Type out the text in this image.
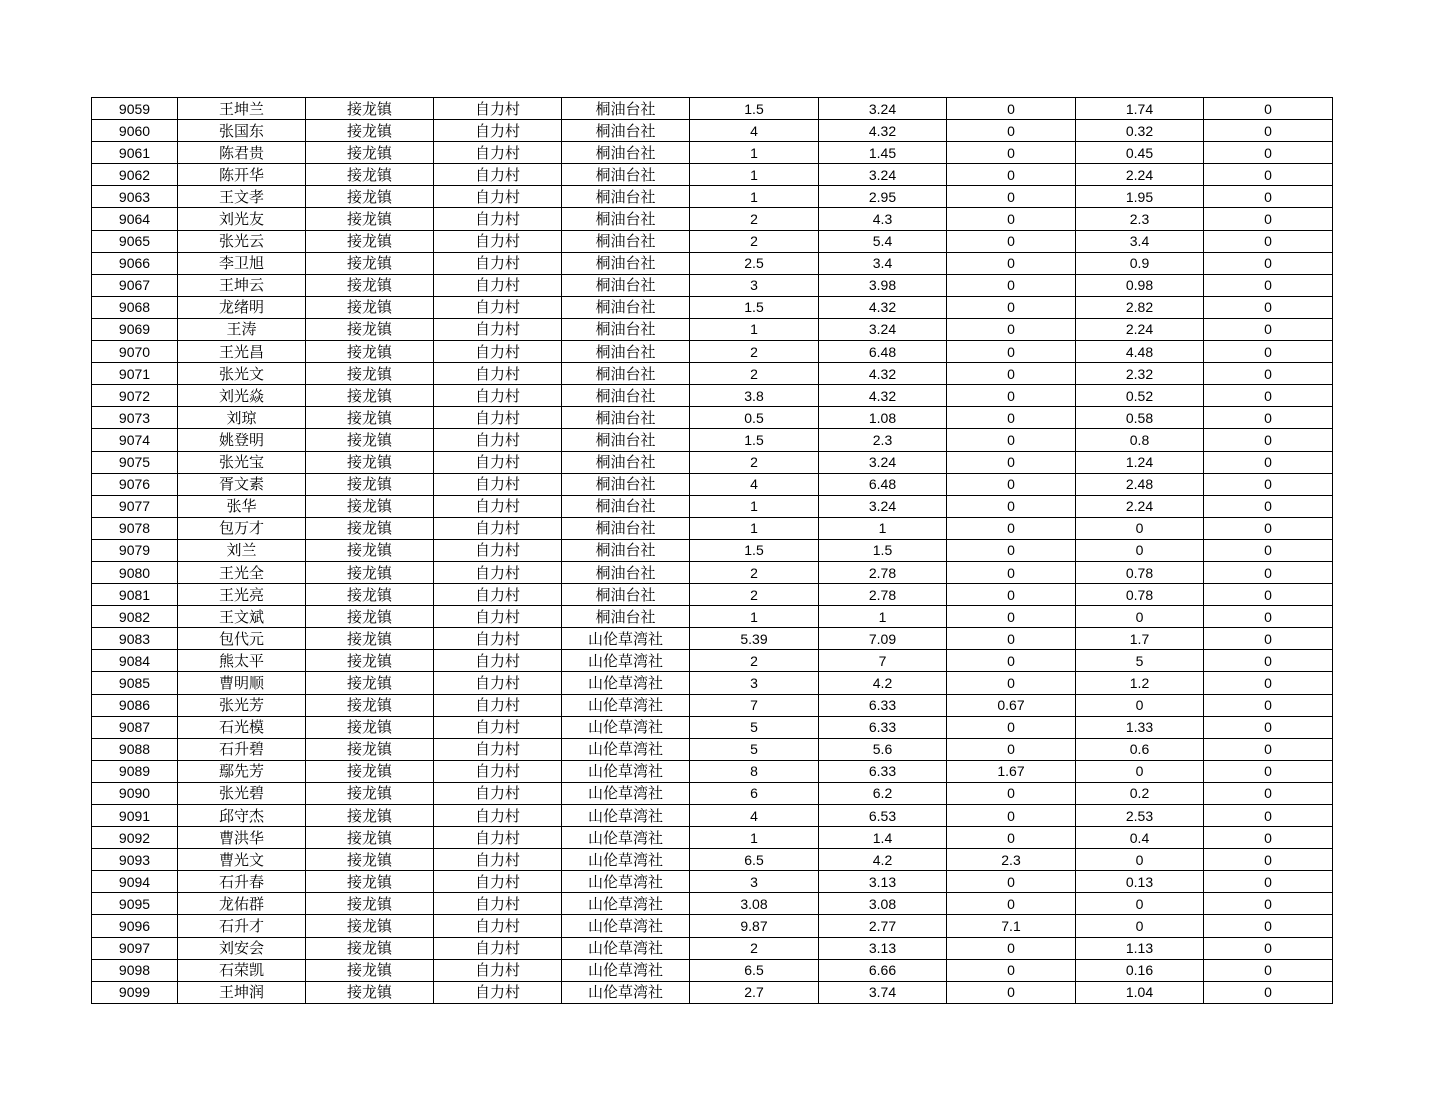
9059	王坤兰	接龙镇	自力村	桐油台社	1.5	3.24	0	1.74	0
9060	张国东	接龙镇	自力村	桐油台社	4	4.32	0	0.32	0
9061	陈君贵	接龙镇	自力村	桐油台社	1	1.45	0	0.45	0
9062	陈开华	接龙镇	自力村	桐油台社	1	3.24	0	2.24	0
9063	王文孝	接龙镇	自力村	桐油台社	1	2.95	0	1.95	0
9064	刘光友	接龙镇	自力村	桐油台社	2	4.3	0	2.3	0
9065	张光云	接龙镇	自力村	桐油台社	2	5.4	0	3.4	0
9066	李卫旭	接龙镇	自力村	桐油台社	2.5	3.4	0	0.9	0
9067	王坤云	接龙镇	自力村	桐油台社	3	3.98	0	0.98	0
9068	龙绪明	接龙镇	自力村	桐油台社	1.5	4.32	0	2.82	0
9069	王涛	接龙镇	自力村	桐油台社	1	3.24	0	2.24	0
9070	王光昌	接龙镇	自力村	桐油台社	2	6.48	0	4.48	0
9071	张光文	接龙镇	自力村	桐油台社	2	4.32	0	2.32	0
9072	刘光焱	接龙镇	自力村	桐油台社	3.8	4.32	0	0.52	0
9073	刘琼	接龙镇	自力村	桐油台社	0.5	1.08	0	0.58	0
9074	姚登明	接龙镇	自力村	桐油台社	1.5	2.3	0	0.8	0
9075	张光宝	接龙镇	自力村	桐油台社	2	3.24	0	1.24	0
9076	胥文素	接龙镇	自力村	桐油台社	4	6.48	0	2.48	0
9077	张华	接龙镇	自力村	桐油台社	1	3.24	0	2.24	0
9078	包万才	接龙镇	自力村	桐油台社	1	1	0	0	0
9079	刘兰	接龙镇	自力村	桐油台社	1.5	1.5	0	0	0
9080	王光全	接龙镇	自力村	桐油台社	2	2.78	0	0.78	0
9081	王光亮	接龙镇	自力村	桐油台社	2	2.78	0	0.78	0
9082	王文斌	接龙镇	自力村	桐油台社	1	1	0	0	0
9083	包代元	接龙镇	自力村	山伦草湾社	5.39	7.09	0	1.7	0
9084	熊太平	接龙镇	自力村	山伦草湾社	2	7	0	5	0
9085	曹明顺	接龙镇	自力村	山伦草湾社	3	4.2	0	1.2	0
9086	张光芳	接龙镇	自力村	山伦草湾社	7	6.33	0.67	0	0
9087	石光模	接龙镇	自力村	山伦草湾社	5	6.33	0	1.33	0
9088	石升碧	接龙镇	自力村	山伦草湾社	5	5.6	0	0.6	0
9089	鄢先芳	接龙镇	自力村	山伦草湾社	8	6.33	1.67	0	0
9090	张光碧	接龙镇	自力村	山伦草湾社	6	6.2	0	0.2	0
9091	邱守杰	接龙镇	自力村	山伦草湾社	4	6.53	0	2.53	0
9092	曹洪华	接龙镇	自力村	山伦草湾社	1	1.4	0	0.4	0
9093	曹光文	接龙镇	自力村	山伦草湾社	6.5	4.2	2.3	0	0
9094	石升春	接龙镇	自力村	山伦草湾社	3	3.13	0	0.13	0
9095	龙佑群	接龙镇	自力村	山伦草湾社	3.08	3.08	0	0	0
9096	石升才	接龙镇	自力村	山伦草湾社	9.87	2.77	7.1	0	0
9097	刘安会	接龙镇	自力村	山伦草湾社	2	3.13	0	1.13	0
9098	石荣凯	接龙镇	自力村	山伦草湾社	6.5	6.66	0	0.16	0
9099	王坤润	接龙镇	自力村	山伦草湾社	2.7	3.74	0	1.04	0
